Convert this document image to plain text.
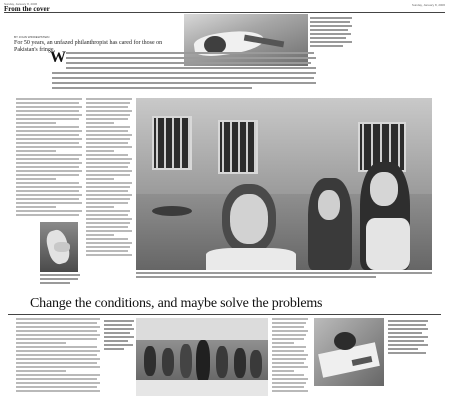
Sunday, January 8, 2006
From the cover	Sunday, January 8, 2006
BY JOHN WIDDEWSTEIN
For 50 years, an unfazed philanthropist has cared for those on Pakistan's fringe.
W
Change the conditions, and maybe solve the problems
